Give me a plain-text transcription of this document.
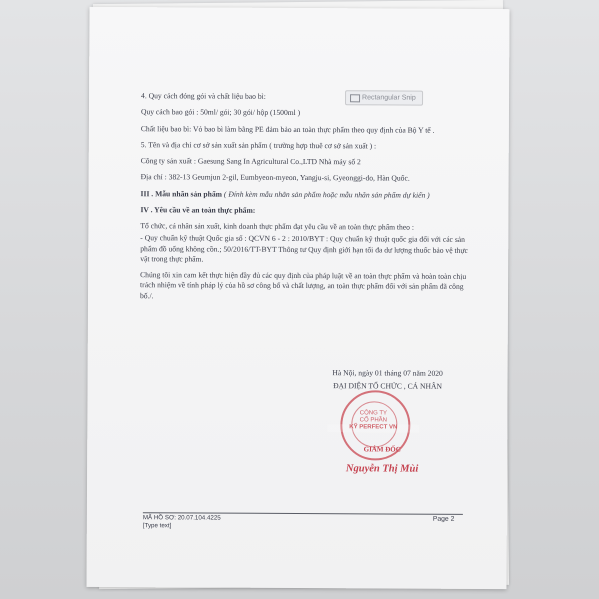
4. Quy cách đóng gói và chất liệu bao bì:

Quy cách bao gói : 50ml/ gói; 30 gói/ hộp (1500ml )

Chất liệu bao bì: Vỏ bao bì làm bằng PE đảm bảo an toàn thực phẩm theo quy định của Bộ Y tế .

5. Tên và địa chỉ cơ sở sản xuất sản phẩm ( trường hợp thuê cơ sở sản xuất ) :

Công ty sản xuất : Gaesung Sang In Agricultural Co.,LTD Nhà máy số 2

Địa chỉ : 382-13 Geumjun 2-gil, Eumbyeon-myeon, Yangju-si, Gyeonggi-do, Hàn Quốc.

III . Mẫu nhãn sản phẩm ( Đính kèm mẫu nhãn sản phẩm hoặc mẫu nhãn sản phẩm dự kiến )

IV . Yêu cầu về an toàn thực phẩm:

Tổ chức, cá nhân sản xuất, kinh doanh thực phẩm đạt yêu cầu về an toàn thực phẩm theo :

- Quy chuẩn kỹ thuật Quốc gia số : QCVN 6 - 2 : 2010/BYT : Quy chuẩn kỹ thuật quốc gia đối với các sản phẩm đồ uống không cồn.; 50/2016/TT-BYT Thông tư Quy định giới hạn tối đa dư lượng thuốc bảo vệ thực vật trong thực phẩm.

Chúng tôi xin cam kết thực hiện đầy đủ các quy định của pháp luật về an toàn thực phẩm và hoàn toàn chịu trách nhiệm về tính pháp lý của hồ sơ công bố và chất lượng, an toàn thực phẩm đối với sản phẩm đã công bố./.

Rectangular Snip
Hà Nội, ngày 01 tháng 07 năm 2020
ĐẠI DIỆN TỔ CHỨC , CÁ NHÂN
CÔNG TY
CỔ PHẦN
KỸ PERFECT VN
GIÁM ĐỐC
Nguyễn Thị Mùi
MÃ HỒ SƠ: 20.07.104.4225
[Type text]
Page 2
